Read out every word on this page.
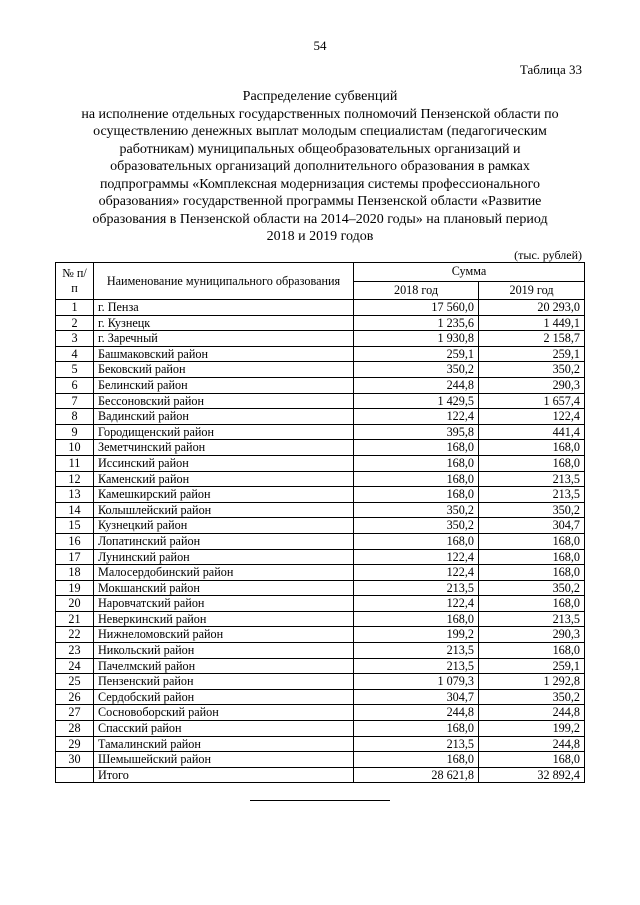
54
Таблица 33
Распределение субвенций
на исполнение отдельных государственных полномочий Пензенской области по
осуществлению денежных выплат молодым специалистам (педагогическим
работникам) муниципальных общеобразовательных организаций и
образовательных организаций дополнительного образования в рамках
подпрограммы «Комплексная модернизация системы профессионального
образования» государственной программы Пензенской области «Развитие
образования в Пензенской области на 2014–2020 годы» на плановый период
2018 и 2019 годов
(тыс. рублей)
№ п/п	Наименование муниципального образования	Сумма	
		2018 год	2019 год
1	г. Пенза	17 560,0	20 293,0
2	г. Кузнецк	1 235,6	1 449,1
3	г. Заречный	1 930,8	2 158,7
4	Башмаковский район	259,1	259,1
5	Бековский район	350,2	350,2
6	Белинский район	244,8	290,3
7	Бессоновский район	1 429,5	1 657,4
8	Вадинский район	122,4	122,4
9	Городищенский район	395,8	441,4
10	Земетчинский район	168,0	168,0
11	Иссинский район	168,0	168,0
12	Каменский район	168,0	213,5
13	Камешкирский район	168,0	213,5
14	Колышлейский район	350,2	350,2
15	Кузнецкий район	350,2	304,7
16	Лопатинский район	168,0	168,0
17	Лунинский район	122,4	168,0
18	Малосердобинский район	122,4	168,0
19	Мокшанский район	213,5	350,2
20	Наровчатский район	122,4	168,0
21	Неверкинский район	168,0	213,5
22	Нижнеломовский район	199,2	290,3
23	Никольский район	213,5	168,0
24	Пачелмский район	213,5	259,1
25	Пензенский район	1 079,3	1 292,8
26	Сердобский район	304,7	350,2
27	Сосновоборский район	244,8	244,8
28	Спасский район	168,0	199,2
29	Тамалинский район	213,5	244,8
30	Шемышейский район	168,0	168,0
	Итого	28 621,8	32 892,4
